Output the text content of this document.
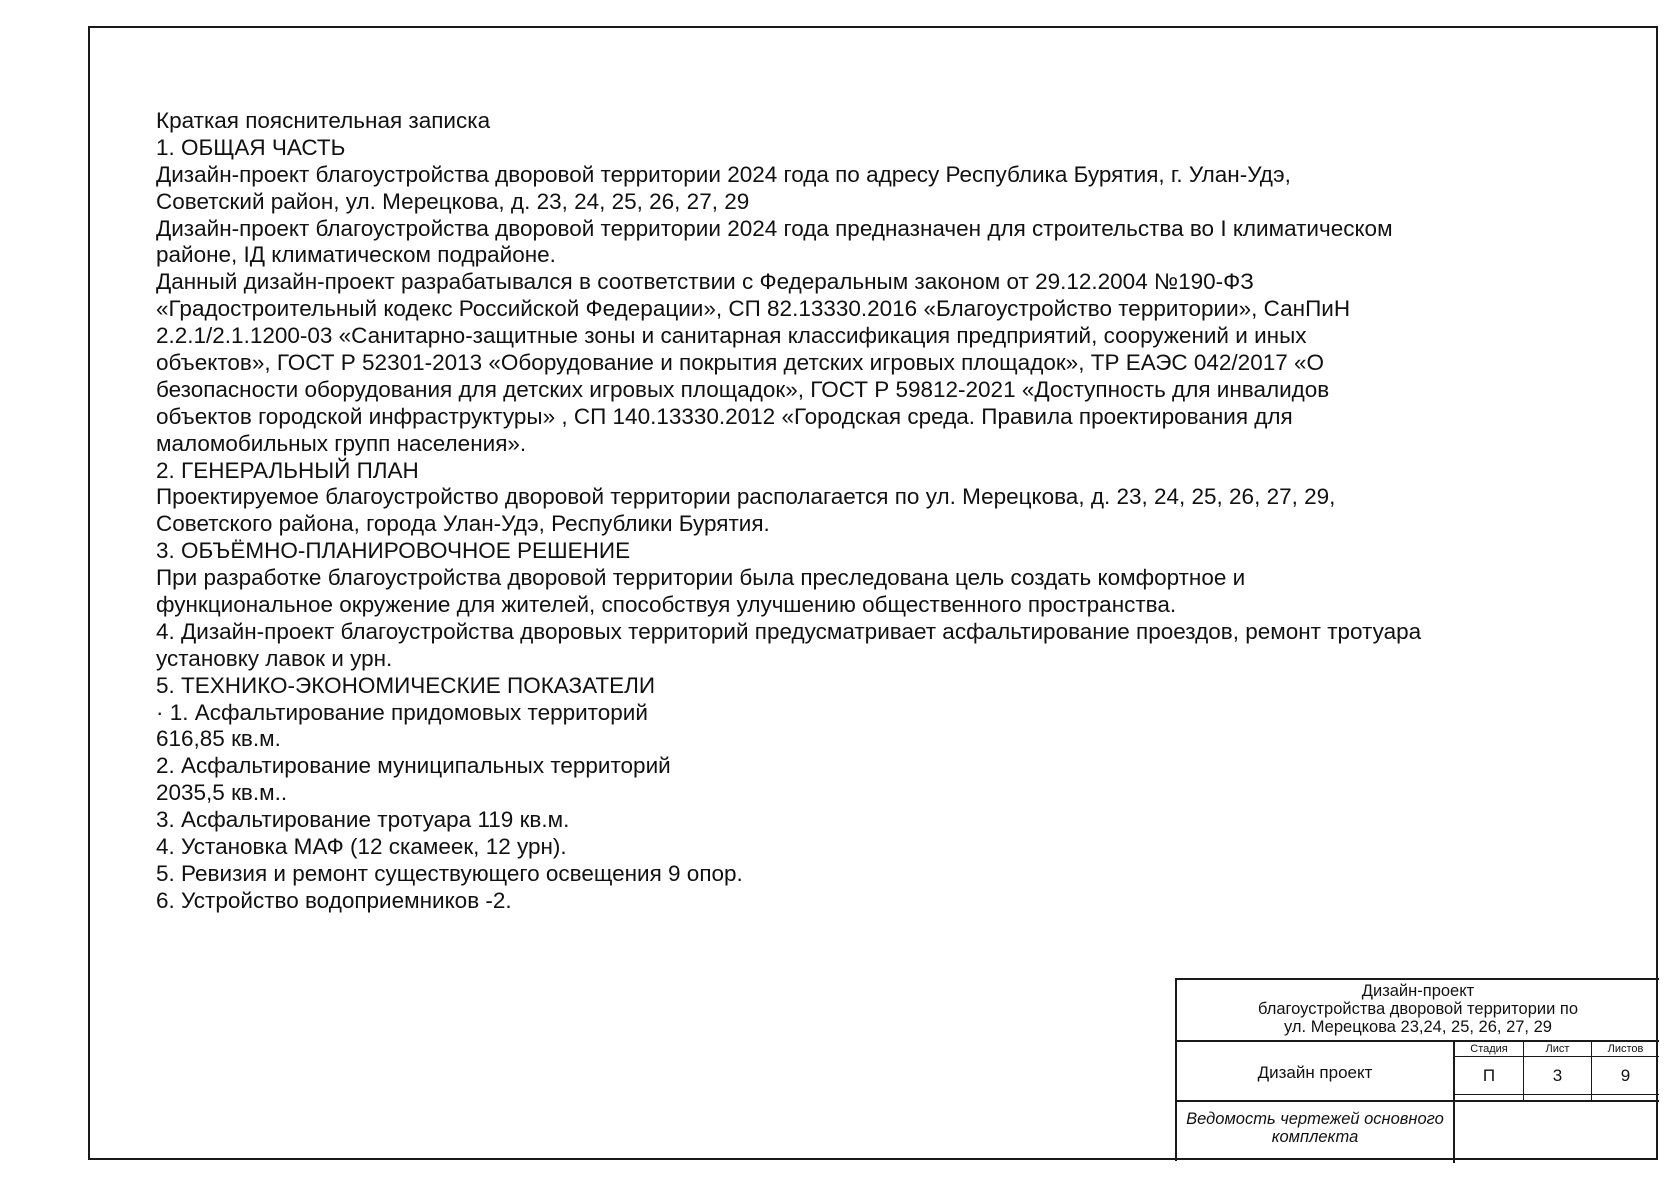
Краткая пояснительная записка
1. ОБЩАЯ ЧАСТЬ
Дизайн-проект благоустройства дворовой территории 2024 года по адресу Республика Бурятия, г. Улан-Удэ,
Советский район, ул. Мерецкова, д. 23, 24, 25, 26, 27, 29
Дизайн-проект благоустройства дворовой территории 2024 года предназначен для строительства во I климатическом
районе, IД климатическом подрайоне.
Данный дизайн-проект разрабатывался в соответствии с Федеральным законом от 29.12.2004 №190-ФЗ
«Градостроительный кодекс Российской Федерации», СП 82.13330.2016 «Благоустройство территории», СанПиН
2.2.1/2.1.1200-03 «Санитарно-защитные зоны и санитарная классификация предприятий, сооружений и иных
объектов», ГОСТ Р 52301-2013 «Оборудование и покрытия детских игровых площадок», ТР ЕАЭС 042/2017 «О
безопасности оборудования для детских игровых площадок», ГОСТ Р 59812-2021 «Доступность для инвалидов
объектов городской инфраструктуры» , СП 140.13330.2012 «Городская среда. Правила проектирования для
маломобильных групп населения».
2. ГЕНЕРАЛЬНЫЙ ПЛАН
Проектируемое благоустройство дворовой территории располагается по ул. Мерецкова, д. 23, 24, 25, 26, 27, 29,
Советского района, города Улан-Удэ, Республики Бурятия.
3. ОБЪЁМНО-ПЛАНИРОВОЧНОЕ РЕШЕНИЕ
При разработке благоустройства дворовой территории была преследована цель создать комфортное и
функциональное окружение для жителей, способствуя улучшению общественного пространства.
4. Дизайн-проект благоустройства дворовых территорий предусматривает асфальтирование проездов, ремонт тротуара
установку лавок и урн.
5. ТЕХНИКО-ЭКОНОМИЧЕСКИЕ ПОКАЗАТЕЛИ
· 1. Асфальтирование придомовых территорий
616,85 кв.м.
2. Асфальтирование муниципальных территорий
2035,5 кв.м..
3. Асфальтирование тротуара 119 кв.м.
4. Установка МАФ (12 скамеек, 12 урн).
5. Ревизия и ремонт существующего освещения 9 опор.
6. Устройство водоприемников -2.
Дизайн-проект
благоустройства дворовой территории по
ул. Мерецкова 23,24, 25, 26, 27, 29
Дизайн проект
Стадия	Лист	Листов
П	3	9
Ведомость чертежей основного
комплекта
